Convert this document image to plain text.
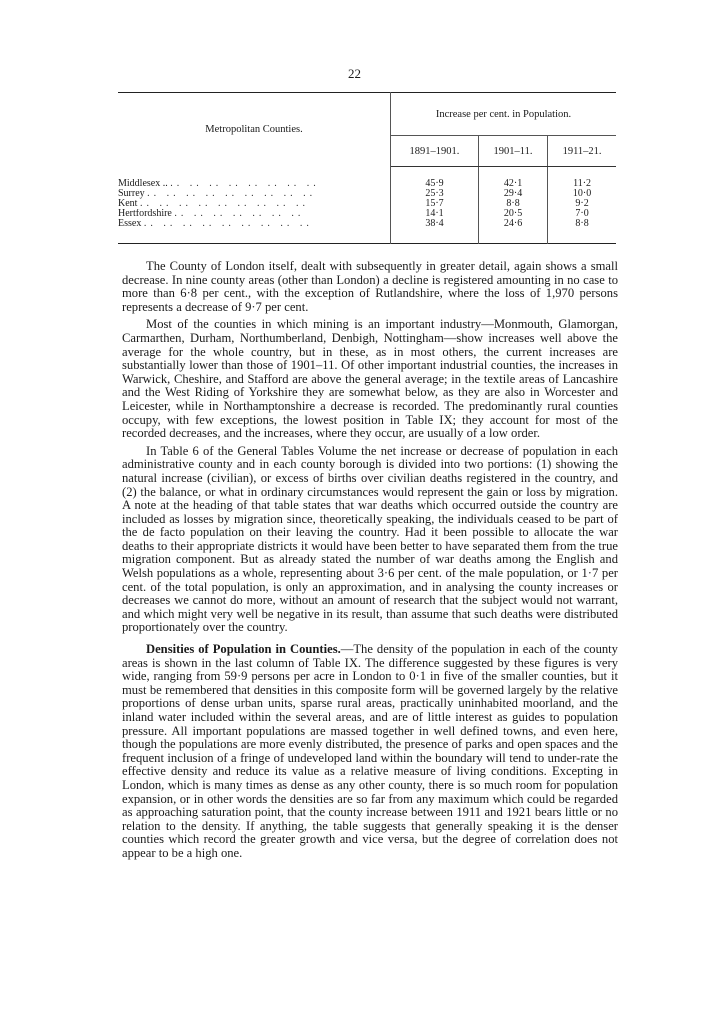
22
Metropolitan Counties.	Increase per cent. in Population.		
	1891–1901.	1901–11.	1911–21.
Middlesex .. .. .. .. .. .. .. .. ..	45·9	42·1	11·2
Surrey .. .. .. .. .. .. .. .. ..	25·3	29·4	10·0
Kent .. .. .. .. .. .. .. .. ..	15·7	8·8	9·2
Hertfordshire .. .. .. .. .. .. ..	14·1	20·5	7·0
Essex .. .. .. .. .. .. .. .. ..	38·4	24·6	8·8

The County of London itself, dealt with subsequently in greater detail, again shows a small decrease. In nine county areas (other than London) a decline is registered amounting in no case to more than 6·8 per cent., with the exception of Rutlandshire, where the loss of 1,970 persons represents a decrease of 9·7 per cent.

Most of the counties in which mining is an important industry—Monmouth, Glamorgan, Carmarthen, Durham, Northumberland, Denbigh, Nottingham—show increases well above the average for the whole country, but in these, as in most others, the current increases are substantially lower than those of 1901–11. Of other important industrial counties, the increases in Warwick, Cheshire, and Stafford are above the general average; in the textile areas of Lancashire and the West Riding of Yorkshire they are somewhat below, as they are also in Worcester and Leicester, while in Northamptonshire a decrease is recorded. The predominantly rural counties occupy, with few exceptions, the lowest position in Table IX; they account for most of the recorded decreases, and the increases, where they occur, are usually of a low order.

In Table 6 of the General Tables Volume the net increase or decrease of population in each administrative county and in each county borough is divided into two portions: (1) showing the natural increase (civilian), or excess of births over civilian deaths registered in the country, and (2) the balance, or what in ordinary circumstances would represent the gain or loss by migration. A note at the heading of that table states that war deaths which occurred outside the country are included as losses by migration since, theoretically speaking, the individuals ceased to be part of the de facto population on their leaving the country. Had it been possible to allocate the war deaths to their appropriate districts it would have been better to have separated them from the true migration component. But as already stated the number of war deaths among the English and Welsh populations as a whole, representing about 3·6 per cent. of the male population, or 1·7 per cent. of the total population, is only an approximation, and in analysing the county increases or decreases we cannot do more, without an amount of research that the subject would not warrant, and which might very well be negative in its result, than assume that such deaths were distributed proportionately over the country.

Densities of Population in Counties.—The density of the population in each of the county areas is shown in the last column of Table IX. The difference suggested by these figures is very wide, ranging from 59·9 persons per acre in London to 0·1 in five of the smaller counties, but it must be remembered that densities in this composite form will be governed largely by the relative proportions of dense urban units, sparse rural areas, practically uninhabited moorland, and the inland water included within the several areas, and are of little interest as guides to population pressure. All important populations are massed together in well defined towns, and even here, though the populations are more evenly distributed, the presence of parks and open spaces and the frequent inclusion of a fringe of undeveloped land within the boundary will tend to under-rate the effective density and reduce its value as a relative measure of living conditions. Excepting in London, which is many times as dense as any other county, there is so much room for population expansion, or in other words the densities are so far from any maximum which could be regarded as approaching saturation point, that the county increase between 1911 and 1921 bears little or no relation to the density. If anything, the table suggests that generally speaking it is the denser counties which record the greater growth and vice versa, but the degree of correlation does not appear to be a high one.
